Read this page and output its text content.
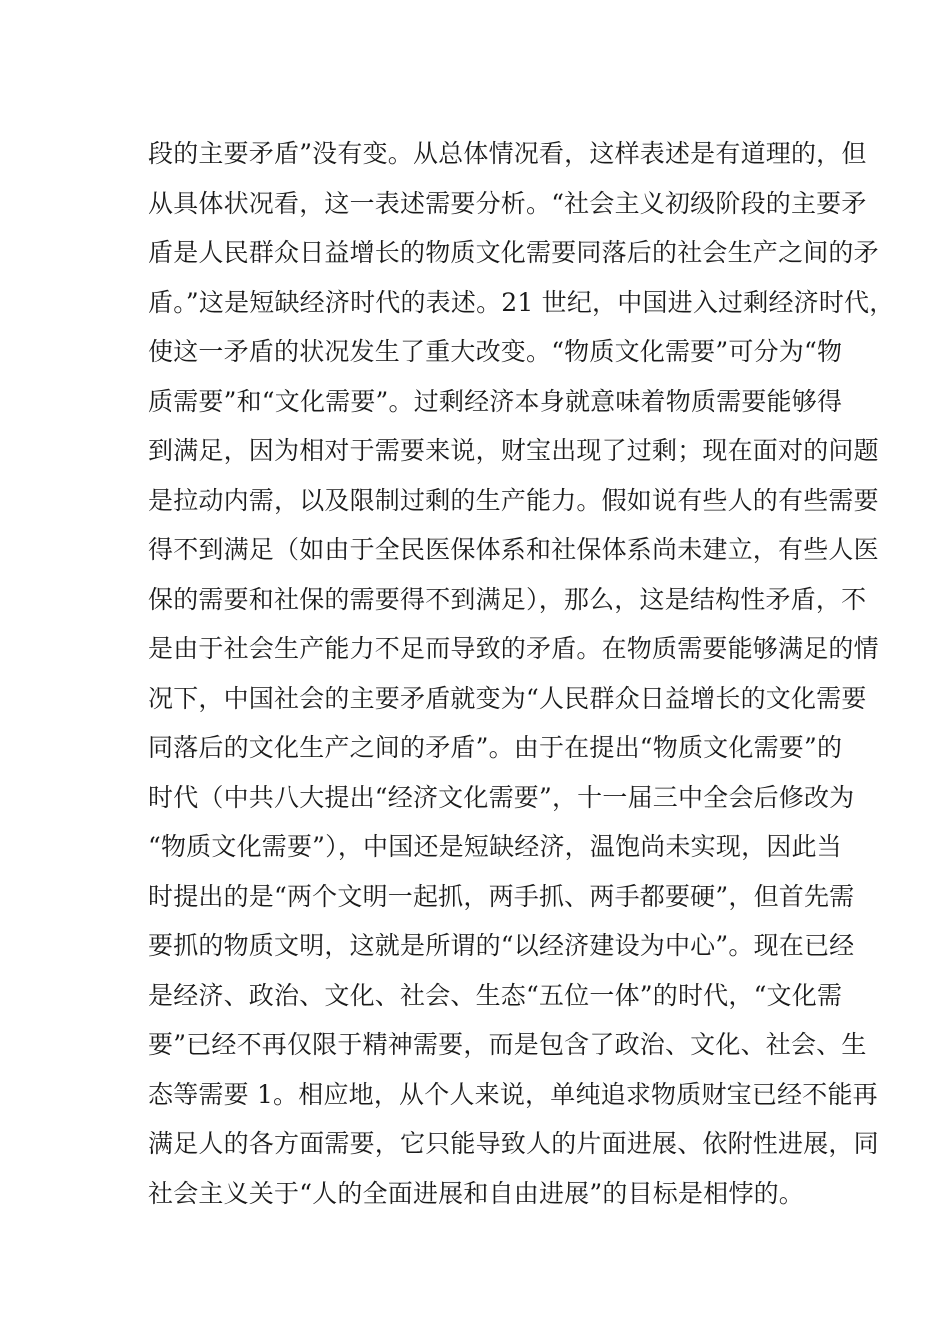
段的主要矛盾”没有变。从总体情况看，这样表述是有道理的，但
从具体状况看，这一表述需要分析。“社会主义初级阶段的主要矛
盾是人民群众日益增长的物质文化需要同落后的社会生产之间的矛
盾。”这是短缺经济时代的表述。21 世纪，中国进入过剩经济时代，
使这一矛盾的状况发生了重大改变。“物质文化需要”可分为“物
质需要”和“文化需要”。过剩经济本身就意味着物质需要能够得
到满足，因为相对于需要来说，财宝出现了过剩；现在面对的问题
是拉动内需，以及限制过剩的生产能力。假如说有些人的有些需要
得不到满足（如由于全民医保体系和社保体系尚未建立，有些人医
保的需要和社保的需要得不到满足），那么，这是结构性矛盾，不
是由于社会生产能力不足而导致的矛盾。在物质需要能够满足的情
况下，中国社会的主要矛盾就变为“人民群众日益增长的文化需要
同落后的文化生产之间的矛盾”。由于在提出“物质文化需要”的
时代（中共八大提出“经济文化需要”，十一届三中全会后修改为
“物质文化需要”），中国还是短缺经济，温饱尚未实现，因此当
时提出的是“两个文明一起抓，两手抓、两手都要硬”，但首先需
要抓的物质文明，这就是所谓的“以经济建设为中心”。现在已经
是经济、政治、文化、社会、生态“五位一体”的时代，“文化需
要”已经不再仅限于精神需要，而是包含了政治、文化、社会、生
态等需要 1。相应地，从个人来说，单纯追求物质财宝已经不能再
满足人的各方面需要，它只能导致人的片面进展、依附性进展，同
社会主义关于“人的全面进展和自由进展”的目标是相悖的。
